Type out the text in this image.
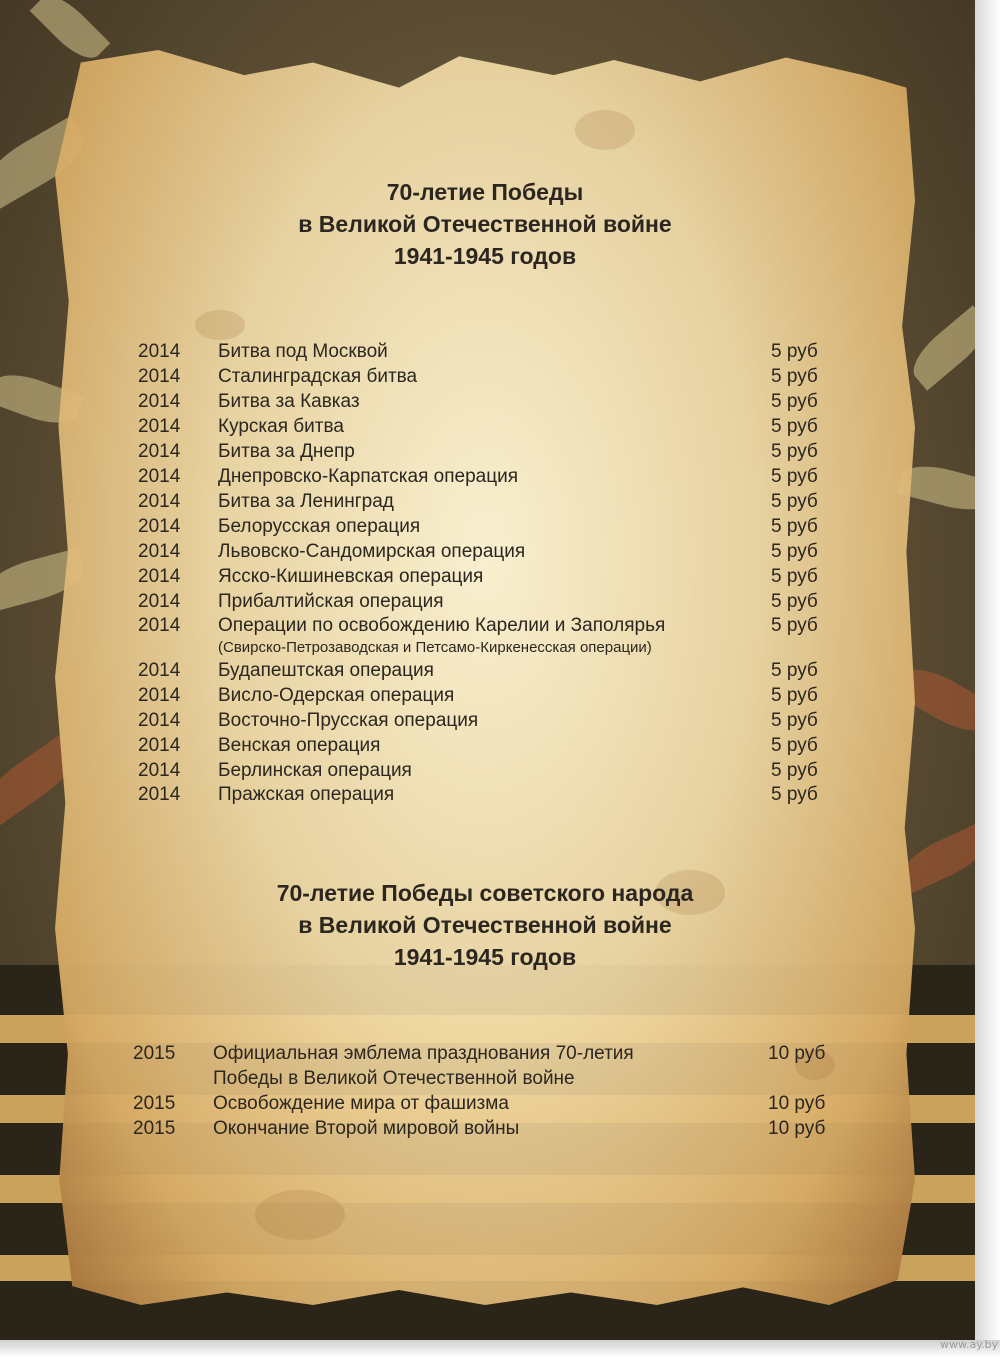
70-летие Победы
в Великой Отечественной войне
1941-1945 годов
2014 Битва под Москвой	5 руб
2014 Сталинградская битва	5 руб
2014 Битва за Кавказ	5 руб
2014 Курская битва	5 руб
2014 Битва за Днепр	5 руб
2014 Днепровско-Карпатская операция	5 руб
2014 Битва за Ленинград	5 руб
2014 Белорусская операция	5 руб
2014 Львовско-Сандомирская операция	5 руб
2014 Ясско-Кишиневская операция	5 руб
2014 Прибалтийская операция	5 руб
2014 Операции по освобождению Карелии и Заполярья	5 руб
(Свирско-Петрозаводская и Петсамо-Киркенесская операции)
2014 Будапештская операция	5 руб
2014 Висло-Одерская операция	5 руб
2014 Восточно-Прусская операция	5 руб
2014 Венская операция	5 руб
2014 Берлинская операция	5 руб
2014 Пражская операция	5 руб
70-летие Победы советского народа
в Великой Отечественной войне
1941-1945 годов
2015 Официальная эмблема празднования 70-летия	10 руб
Победы в Великой Отечественной войне
2015 Освобождение мира от фашизма	10 руб
2015 Окончание Второй мировой войны	10 руб
www.ay.by
